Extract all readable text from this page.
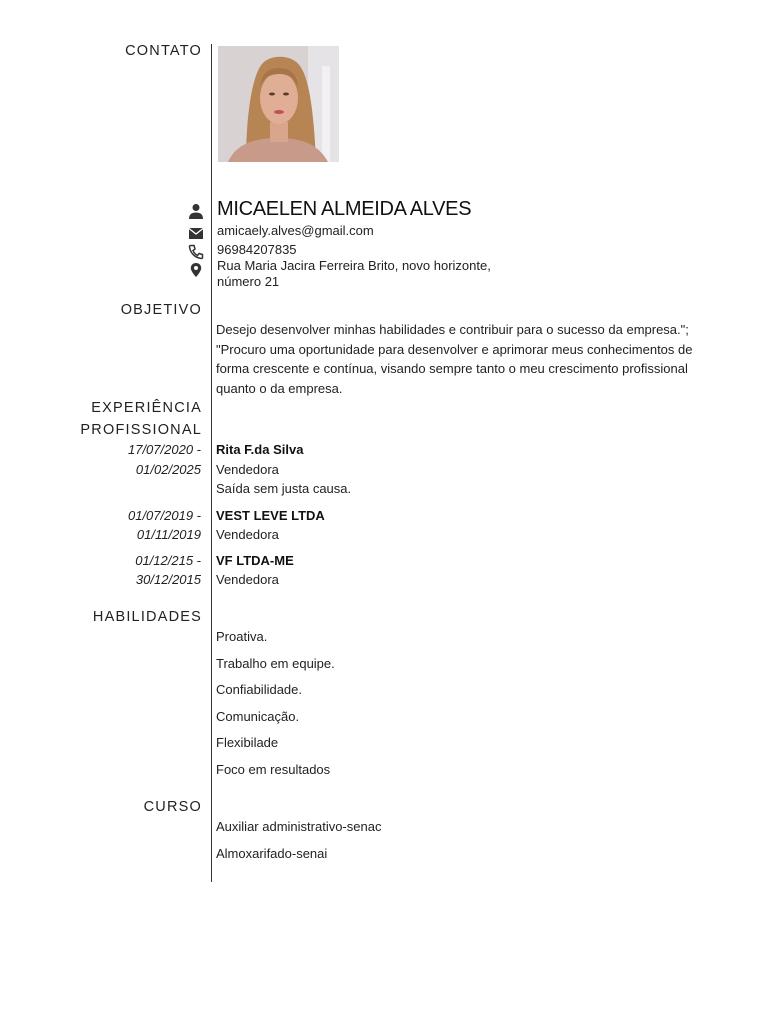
CONTATO
MICAELEN ALMEIDA ALVES
amicaely.alves@gmail.com
96984207835
Rua Maria Jacira Ferreira Brito, novo horizonte,
número 21
OBJETIVO
Desejo desenvolver minhas habilidades e contribuir para o sucesso da empresa."; "Procuro uma oportunidade para desenvolver e aprimorar meus conhecimentos de forma crescente e contínua, visando sempre tanto o meu crescimento profissional quanto o da empresa.
EXPERIÊNCIA
PROFISSIONAL
17/07/2020 -
01/02/2025
Rita F.da Silva
Vendedora
Saída sem justa causa.
01/07/2019 -
01/11/2019
VEST LEVE LTDA
Vendedora
01/12/215 -
30/12/2015
VF LTDA-ME
Vendedora
HABILIDADES
Proativa.
Trabalho em equipe.
Confiabilidade.
Comunicação.
Flexibilade
Foco em resultados
CURSO
Auxiliar administrativo-senac
Almoxarifado-senai
